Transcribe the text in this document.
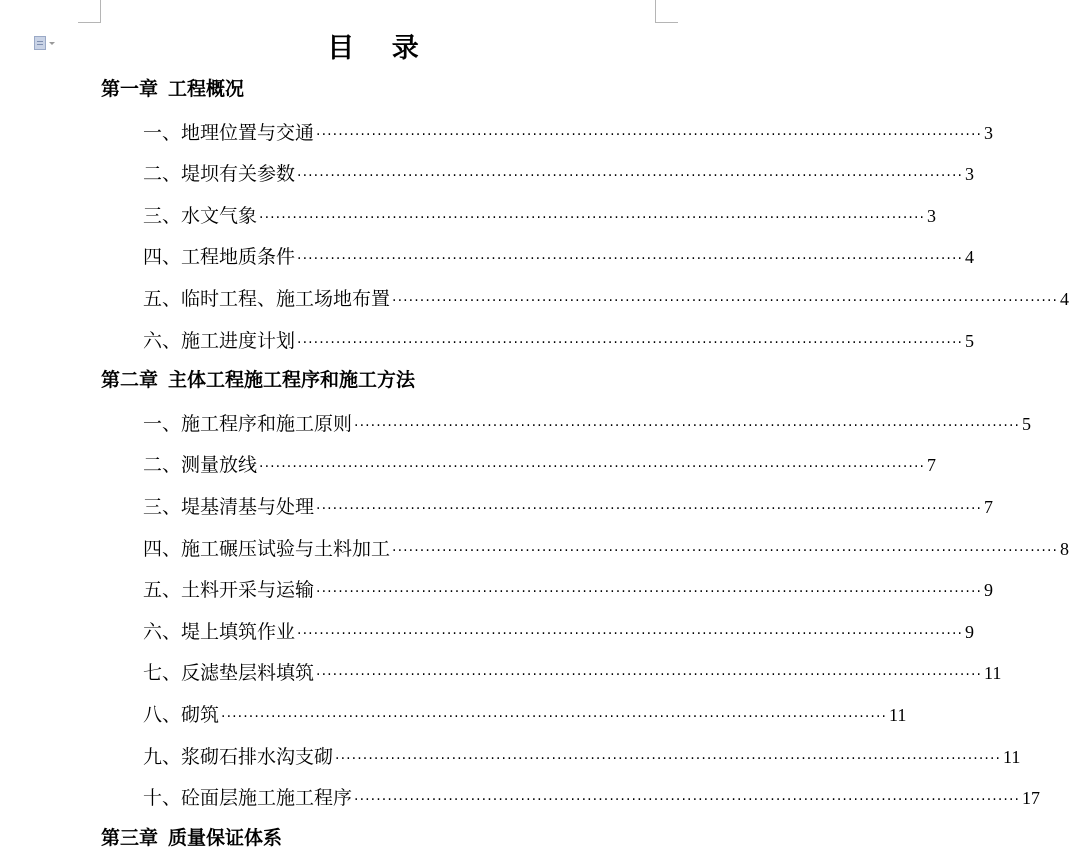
目 录
第一章 工程概况
一、地理位置与交通 ························································································································ 3
二、堤坝有关参数 ························································································································ 3
三、水文气象 ························································································································ 3
四、工程地质条件 ························································································································ 4
五、临时工程、施工场地布置 ························································································································ 4
六、施工进度计划 ························································································································ 5
第二章 主体工程施工程序和施工方法
一、施工程序和施工原则 ························································································································ 5
二、测量放线 ························································································································ 7
三、堤基清基与处理 ························································································································ 7
四、施工碾压试验与土料加工 ························································································································ 8
五、土料开采与运输 ························································································································ 9
六、堤上填筑作业 ························································································································ 9
七、反滤垫层料填筑 ························································································································ 11
八、砌筑 ························································································································ 11
九、浆砌石排水沟支砌 ························································································································ 11
十、砼面层施工施工程序 ························································································································ 17
第三章 质量保证体系
